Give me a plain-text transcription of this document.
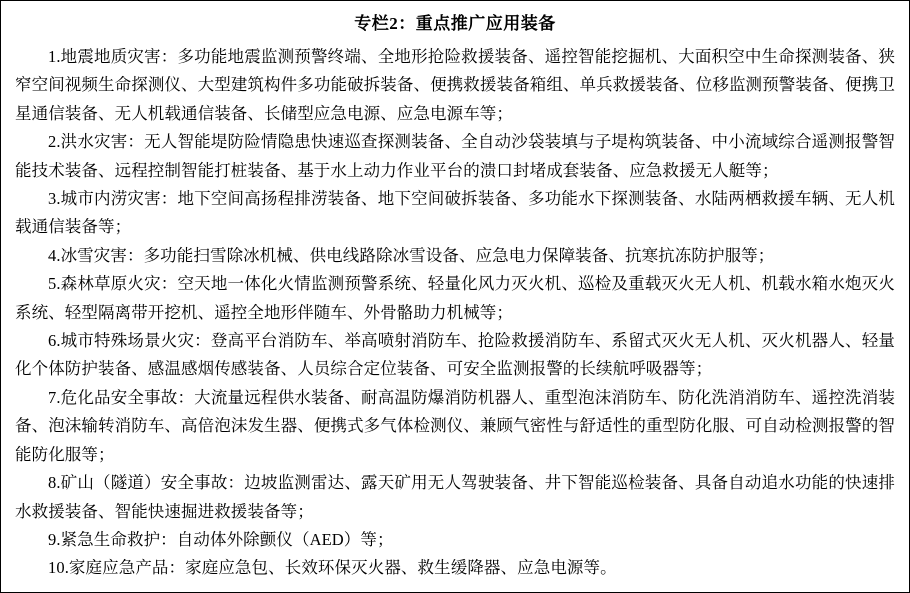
专栏2：重点推广应用装备

1.地震地质灾害：多功能地震监测预警终端、全地形抢险救援装备、遥控智能挖掘机、大面积空中生命探测装备、狭窄空间视频生命探测仪、大型建筑构件多功能破拆装备、便携救援装备箱组、单兵救援装备、位移监测预警装备、便携卫星通信装备、无人机载通信装备、长储型应急电源、应急电源车等；

2.洪水灾害：无人智能堤防险情隐患快速巡查探测装备、全自动沙袋装填与子堤构筑装备、中小流域综合遥测报警智能技术装备、远程控制智能打桩装备、基于水上动力作业平台的溃口封堵成套装备、应急救援无人艇等；

3.城市内涝灾害：地下空间高扬程排涝装备、地下空间破拆装备、多功能水下探测装备、水陆两栖救援车辆、无人机载通信装备等；

4.冰雪灾害：多功能扫雪除冰机械、供电线路除冰雪设备、应急电力保障装备、抗寒抗冻防护服等；

5.森林草原火灾：空天地一体化火情监测预警系统、轻量化风力灭火机、巡检及重载灭火无人机、机载水箱水炮灭火系统、轻型隔离带开挖机、遥控全地形伴随车、外骨骼助力机械等；

6.城市特殊场景火灾：登高平台消防车、举高喷射消防车、抢险救援消防车、系留式灭火无人机、灭火机器人、轻量化个体防护装备、感温感烟传感装备、人员综合定位装备、可安全监测报警的长续航呼吸器等；

7.危化品安全事故：大流量远程供水装备、耐高温防爆消防机器人、重型泡沫消防车、防化洗消消防车、遥控洗消装备、泡沫输转消防车、高倍泡沫发生器、便携式多气体检测仪、兼顾气密性与舒适性的重型防化服、可自动检测报警的智能防化服等；

8.矿山（隧道）安全事故：边坡监测雷达、露天矿用无人驾驶装备、井下智能巡检装备、具备自动追水功能的快速排水救援装备、智能快速掘进救援装备等；

9.紧急生命救护：自动体外除颤仪（AED）等；

10.家庭应急产品：家庭应急包、长效环保灭火器、救生缓降器、应急电源等。
